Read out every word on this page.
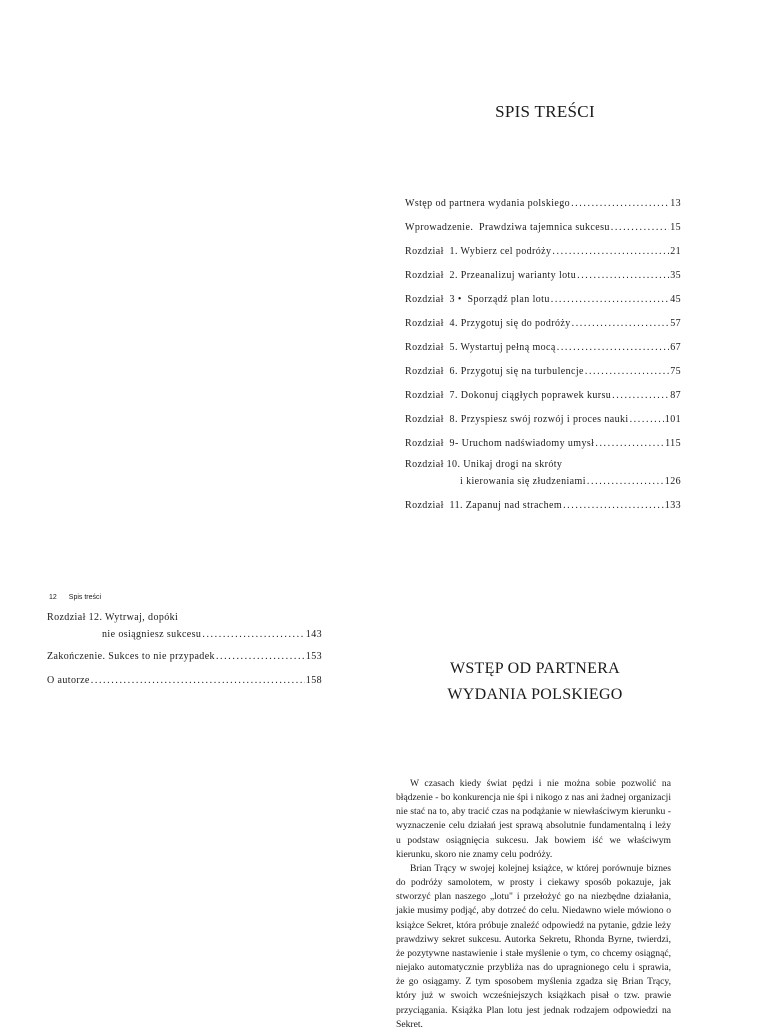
SPIS TREŚCI
Wstęp od partnera wydania polskiego .....	13
Wprowadzenie.  Prawdziwa tajemnica sukcesu .....	15
Rozdział  1. Wybierz cel podróży .....	21
Rozdział  2. Przeanalizuj warianty lotu .....	35
Rozdział  3 •  Sporządź plan lotu .....	45
Rozdział  4. Przygotuj się do podróży .....	57
Rozdział  5. Wystartuj pełną mocą .....	67
Rozdział  6. Przygotuj się na turbulencje .....	75
Rozdział  7. Dokonuj ciągłych poprawek kursu .....	87
Rozdział  8. Przyspiesz swój rozwój i proces nauki .....	101
Rozdział  9- Uruchom nadświadomy umysł .....	115
Rozdział 10. Unikaj drogi na skróty
i kierowania się złudzeniami .....	126
Rozdział  11. Zapanuj nad strachem .....	133
12 Spis treści
Rozdział 12. Wytrwaj, dopóki
nie osiągniesz sukcesu .....	143
Zakończenie. Sukces to nie przypadek .....	153
O autorze .....	158
WSTĘP OD PARTNERA
WYDANIA POLSKIEGO

W czasach kiedy świat pędzi i nie można sobie pozwolić na błądzenie - bo konkurencja nie śpi i nikogo z nas ani żadnej organizacji nie stać na to, aby tracić czas na podążanie w niewłaściwym kierunku - wyznaczenie celu działań jest sprawą absolutnie fundamentalną i leży u podstaw osiągnięcia sukcesu. Jak bowiem iść we właściwym kierunku, skoro nie znamy celu podróży.

Brian Trący w swojej kolejnej książce, w której porównuje biznes do podróży samolotem, w prosty i ciekawy sposób pokazuje, jak stworzyć plan naszego „lotu" i przełożyć go na niezbędne działania, jakie musimy podjąć, aby dotrzeć do celu. Niedawno wiele mówiono o książce Sekret, która próbuje znaleźć odpowiedź na pytanie, gdzie leży prawdziwy sekret sukcesu. Autorka Sekretu, Rhonda Byrne, twierdzi, że pozytywne nastawienie i stałe myślenie o tym, co chcemy osiągnąć, niejako automatycznie przybliża nas do upragnionego celu i sprawia, że go osiągamy. Z tym sposobem myślenia zgadza się Brian Trący, który już w swoich wcześniejszych książkach pisał o tzw. prawie przyciągania. Książka Plan lotu jest jednak rodzajem odpowiedzi na Sekret.
